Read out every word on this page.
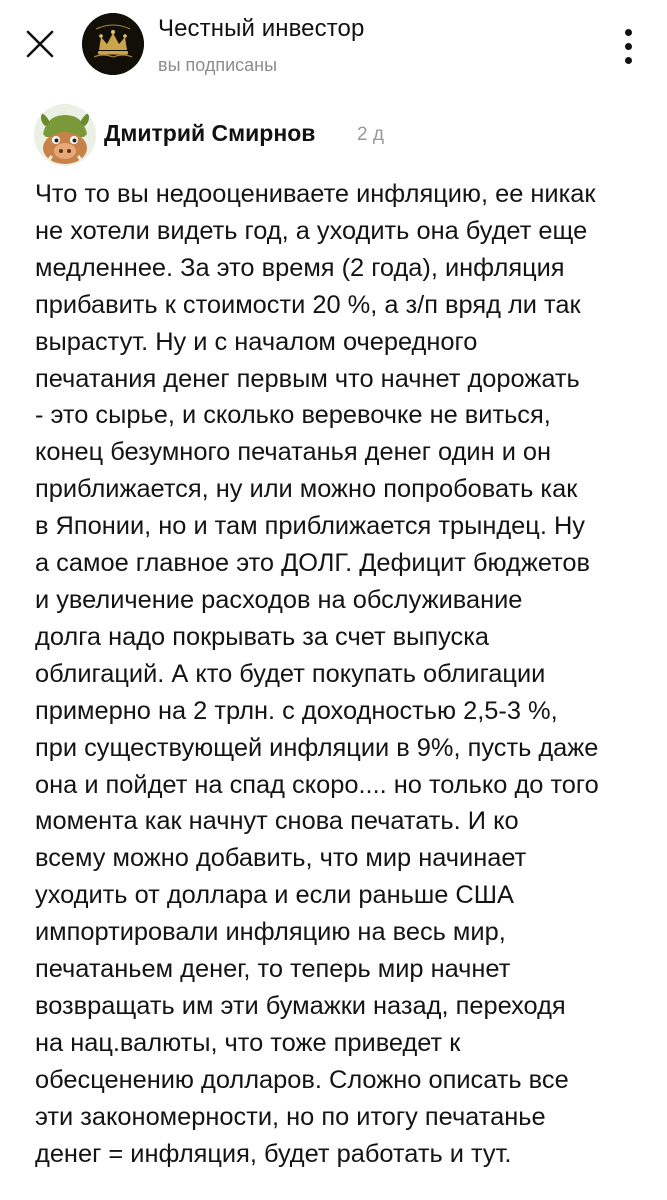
Честный инвестор
вы подписаны
Дмитрий Смирнов 2 д

Что то вы недооцениваете инфляцию, ее никак
не хотели видеть год, а уходить она будет еще
медленнее. За это время (2 года), инфляция
прибавить к стоимости 20 %, а з/п вряд ли так
вырастут. Ну и с началом очередного
печатания денег первым что начнет дорожать
- это сырье, и сколько веревочке не виться,
конец безумного печатанья денег один и он
приближается, ну или можно попробовать как
в Японии, но и там приближается трындец. Ну
а самое главное это ДОЛГ. Дефицит бюджетов
и увеличение расходов на обслуживание
долга надо покрывать за счет выпуска
облигаций. А кто будет покупать облигации
примерно на 2 трлн. с доходностью 2,5-3 %,
при существующей инфляции в 9%, пусть даже
она и пойдет на спад скоро.... но только до того
момента как начнут снова печатать. И ко
всему можно добавить, что мир начинает
уходить от доллара и если раньше США
импортировали инфляцию на весь мир,
печатаньем денег, то теперь мир начнет
возвращать им эти бумажки назад, переходя
на нац.валюты, что тоже приведет к
обесценению долларов. Сложно описать все
эти закономерности, но по итогу печатанье
денег = инфляция, будет работать и тут.
